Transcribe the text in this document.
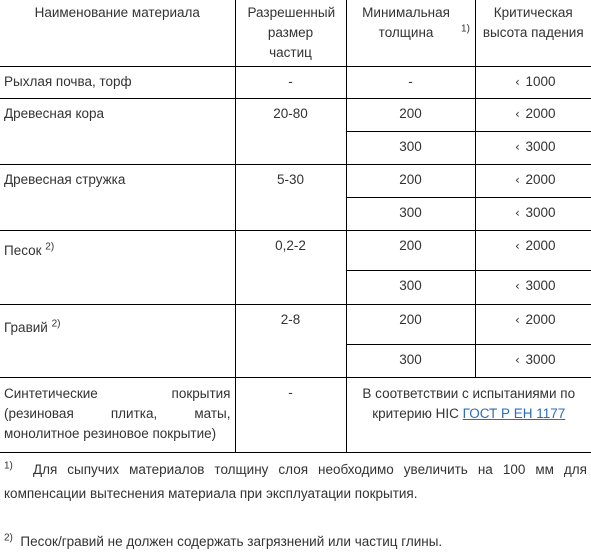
Наименование материала	Разрешенный размер частиц	Минимальная толщина $^{1)}$	Критическая высота падения
Рыхлая почва, торф	-	-	‹ 1000
Древесная кора	20-80	200	‹ 2000
		300	‹ 3000
Древесная стружка	5-30	200	‹ 2000
		300	‹ 3000
Песок $^{2)}$	0,2-2	200	‹ 2000
		300	‹ 3000
Гравий $^{2)}$	2-8	200	‹ 2000
		300	‹ 3000
Синтетические покрытия (резиновая плитка, маты, монолитное резиновое покрытие)	-	В соответствии с испытаниями по критерию HIC ГОСТ Р ЕН 1177	
$^{1)}$ Для сыпучих материалов толщину слоя необходимо увеличить на 100 мм для компенсации вытеснения материала при эксплуатации покрытия.
$^{2)}$ Песок/гравий не должен содержать загрязнений или частиц глины.
